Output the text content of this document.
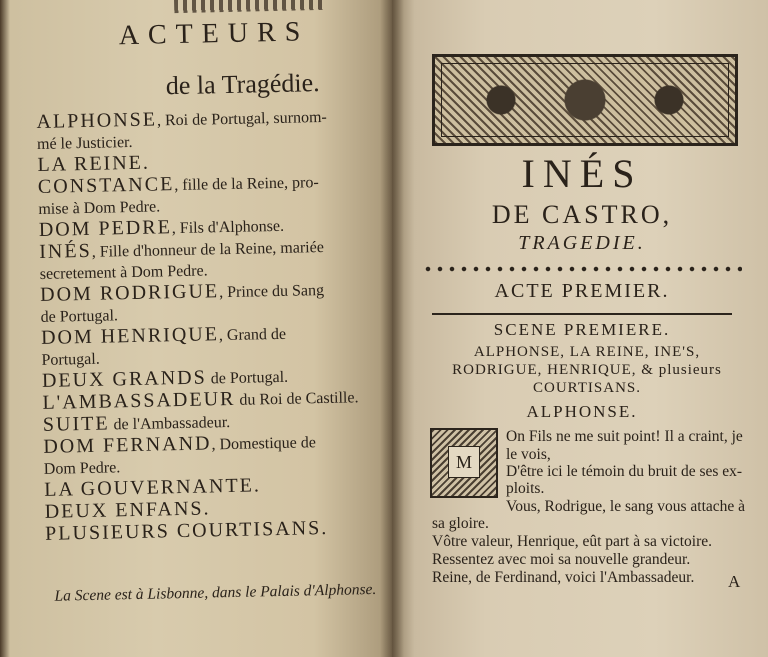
ACTEURS
de la Tragédie.
ALPHONSE, Roi de Portugal, surnom-
mé le Justicier.
LA REINE.
CONSTANCE, fille de la Reine, pro-
mise à Dom Pedre.
DOM PEDRE, Fils d'Alphonse.
INÉS, Fille d'honneur de la Reine, mariée
secretement à Dom Pedre.
DOM RODRIGUE, Prince du Sang
de Portugal.
DOM HENRIQUE, Grand de
Portugal.
DEUX GRANDS de Portugal.
L'AMBASSADEUR du Roi de Castille.
SUITE de l'Ambassadeur.
DOM FERNAND, Domestique de
Dom Pedre.
LA GOUVERNANTE.
DEUX ENFANS.
PLUSIEURS COURTISANS.
La Scene est à Lisbonne, dans le Palais d'Alphonse.
INÉS
DE CASTRO,
TRAGEDIE.
ACTE PREMIER.
SCENE PREMIERE.
ALPHONSE, LA REINE, INE'S,
RODRIGUE, HENRIQUE, & plusieurs
COURTISANS.
ALPHONSE.
M
On Fils ne me suit point! Il a craint, je
le vois,
D'être ici le témoin du bruit de ses ex-
ploits.
Vous, Rodrigue, le sang vous attache à
sa gloire.
Vôtre valeur, Henrique, eût part à sa victoire.
Ressentez avec moi sa nouvelle grandeur.
Reine, de Ferdinand, voici l'Ambassadeur. A
